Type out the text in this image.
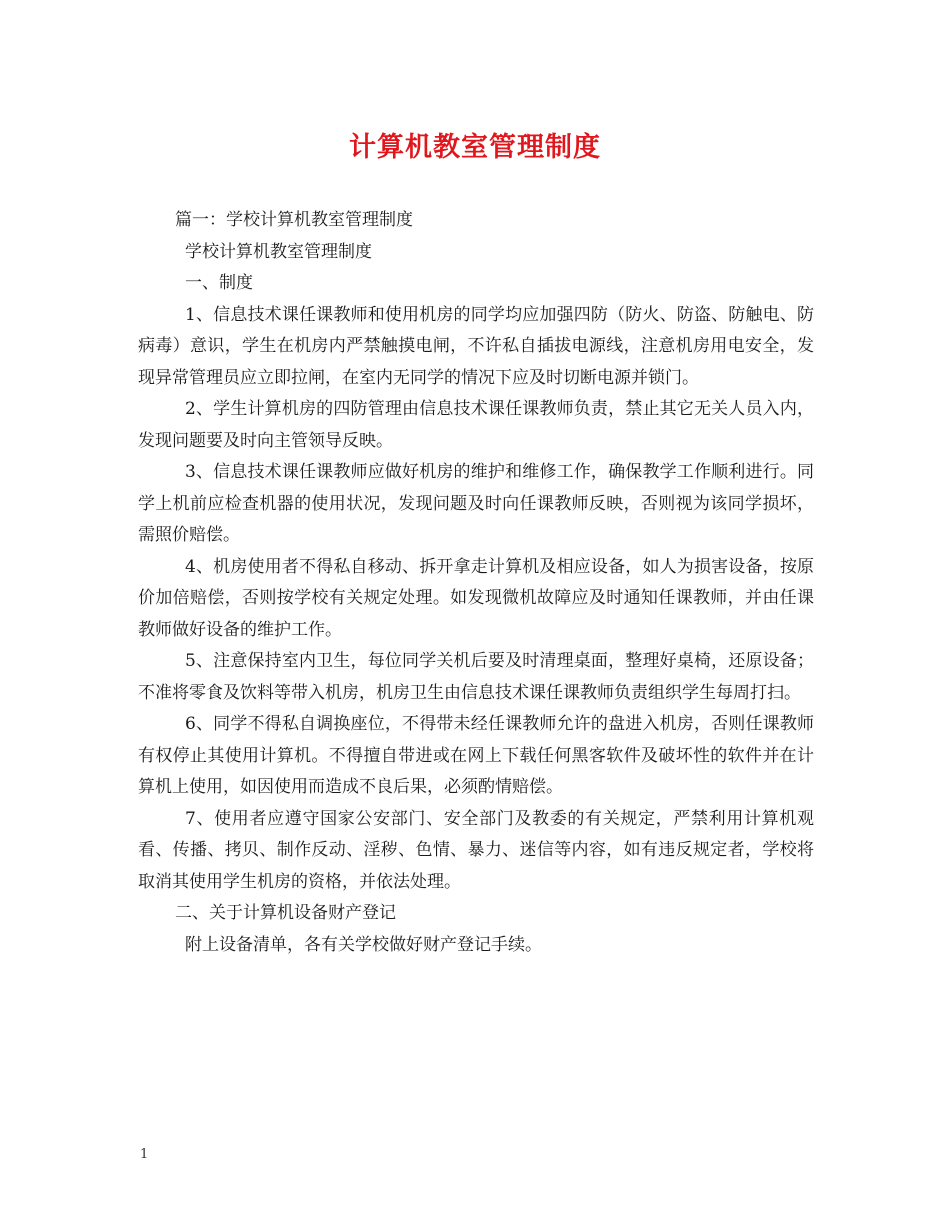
计算机教室管理制度

篇一：学校计算机教室管理制度

学校计算机教室管理制度

一、制度

1、信息技术课任课教师和使用机房的同学均应加强四防（防火、防盗、防触电、防病毒）意识，学生在机房内严禁触摸电闸，不许私自插拔电源线，注意机房用电安全，发现异常管理员应立即拉闸，在室内无同学的情况下应及时切断电源并锁门。

2、学生计算机房的四防管理由信息技术课任课教师负责，禁止其它无关人员入内，发现问题要及时向主管领导反映。

3、信息技术课任课教师应做好机房的维护和维修工作，确保教学工作顺利进行。同学上机前应检查机器的使用状况，发现问题及时向任课教师反映，否则视为该同学损坏，需照价赔偿。

4、机房使用者不得私自移动、拆开拿走计算机及相应设备，如人为损害设备，按原价加倍赔偿，否则按学校有关规定处理。如发现微机故障应及时通知任课教师，并由任课教师做好设备的维护工作。

5、注意保持室内卫生，每位同学关机后要及时清理桌面，整理好桌椅，还原设备；不准将零食及饮料等带入机房，机房卫生由信息技术课任课教师负责组织学生每周打扫。

6、同学不得私自调换座位，不得带未经任课教师允许的盘进入机房，否则任课教师有权停止其使用计算机。不得擅自带进或在网上下载任何黑客软件及破坏性的软件并在计算机上使用，如因使用而造成不良后果，必须酌情赔偿。

7、使用者应遵守国家公安部门、安全部门及教委的有关规定，严禁利用计算机观看、传播、拷贝、制作反动、淫秽、色情、暴力、迷信等内容，如有违反规定者，学校将取消其使用学生机房的资格，并依法处理。

二、关于计算机设备财产登记

附上设备清单，各有关学校做好财产登记手续。

1
